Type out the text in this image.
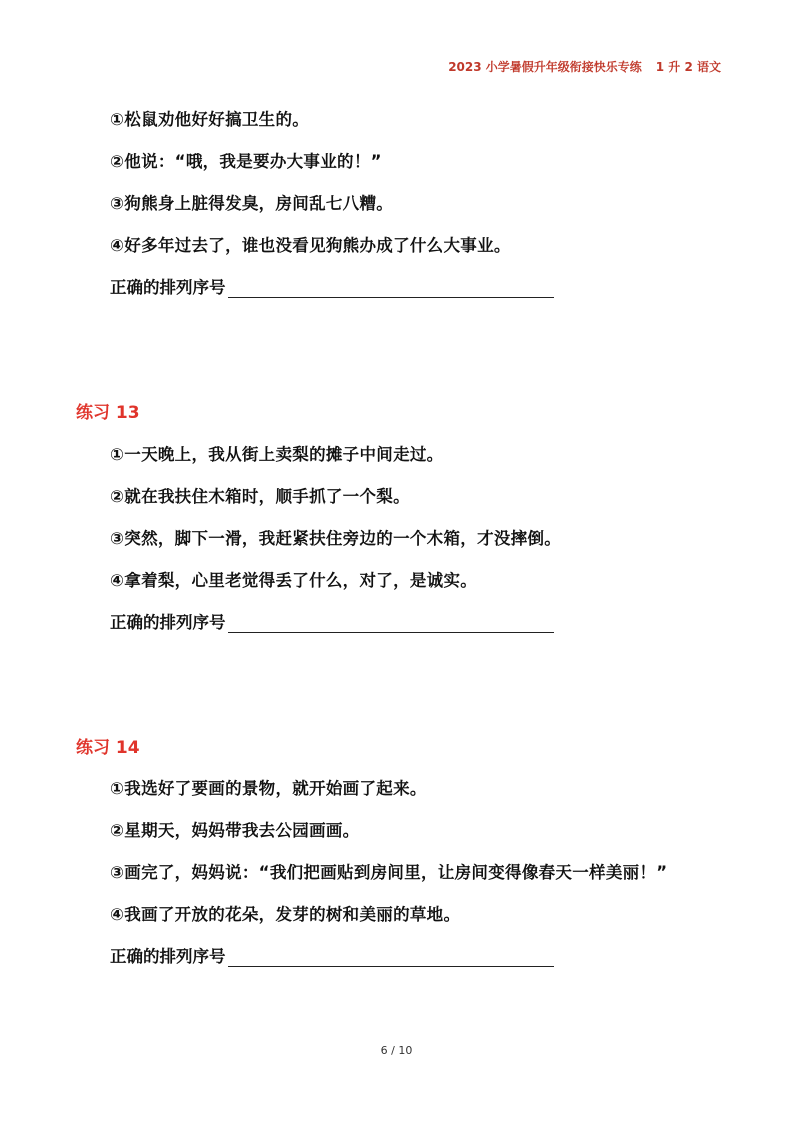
2023 小学暑假升年级衔接快乐专练 1 升 2 语文
①松鼠劝他好好搞卫生的。
②他说：“哦，我是要办大事业的！”
③狗熊身上脏得发臭，房间乱七八糟。
④好多年过去了，谁也没看见狗熊办成了什么大事业。
正确的排列序号
练习 13
①一天晚上，我从街上卖梨的摊子中间走过。
②就在我扶住木箱时，顺手抓了一个梨。
③突然，脚下一滑，我赶紧扶住旁边的一个木箱，才没摔倒。
④拿着梨，心里老觉得丢了什么，对了，是诚实。
正确的排列序号
练习 14
①我选好了要画的景物，就开始画了起来。
②星期天，妈妈带我去公园画画。
③画完了，妈妈说：“我们把画贴到房间里，让房间变得像春天一样美丽！”
④我画了开放的花朵，发芽的树和美丽的草地。
正确的排列序号
6 / 10
